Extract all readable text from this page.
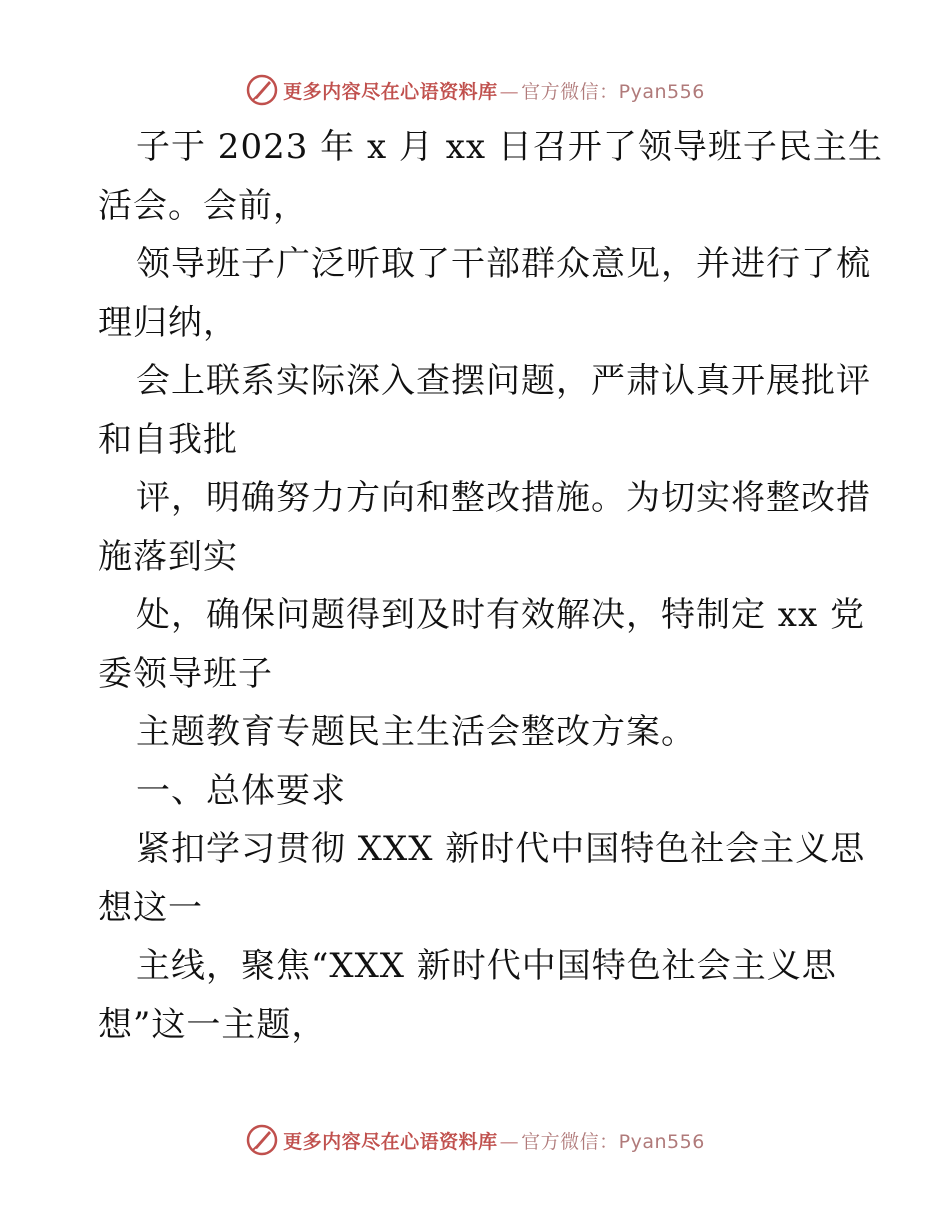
更多内容尽在心语资料库 — 官方微信：Pyan556
子于 2023 年 x 月 xx 日召开了领导班子民主生
活会。会前，
领导班子广泛听取了干部群众意见，并进行了梳
理归纳，
会上联系实际深入查摆问题，严肃认真开展批评
和自我批
评，明确努力方向和整改措施。为切实将整改措
施落到实
处，确保问题得到及时有效解决，特制定 xx 党
委领导班子
主题教育专题民主生活会整改方案。
一、总体要求
紧扣学习贯彻 XXX 新时代中国特色社会主义思
想这一
主线，聚焦“XXX 新时代中国特色社会主义思
想”这一主题，
更多内容尽在心语资料库 — 官方微信：Pyan556
